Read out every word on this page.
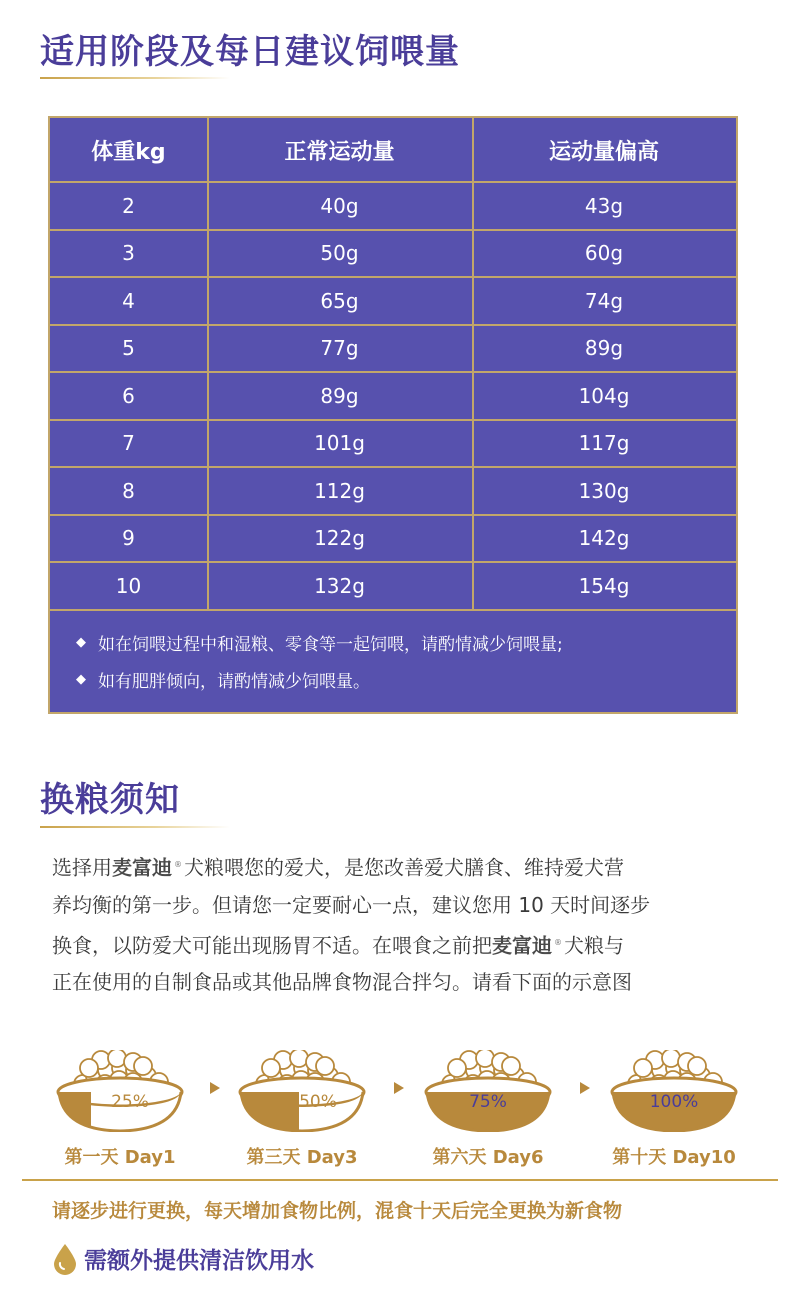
适用阶段及每日建议饲喂量
体重kg	正常运动量	运动量偏高
2	40g	43g
3	50g	60g
4	65g	74g
5	77g	89g
6	89g	104g
7	101g	117g
8	112g	130g
9	122g	142g
10	132g	154g
◆ 如在饲喂过程中和湿粮、零食等一起饲喂，请酌情减少饲喂量;
◆ 如有肥胖倾向，请酌情减少饲喂量。
换粮须知

选择用麦富迪 ® 犬粮喂您的爱犬，是您改善爱犬膳食、维持爱犬营

养均衡的第一步。但请您一定要耐心一点，建议您用 10 天时间逐步

换食，以防爱犬可能出现肠胃不适。在喂食之前把麦富迪 ® 犬粮与

正在使用的自制食品或其他品牌食物混合拌匀。请看下面的示意图

25%
第一天 Day1
50%
第三天 Day3
75%
第六天 Day6
100%
第十天 Day10
请逐步进行更换，每天增加食物比例，混食十天后完全更换为新食物
需额外提供清洁饮用水
